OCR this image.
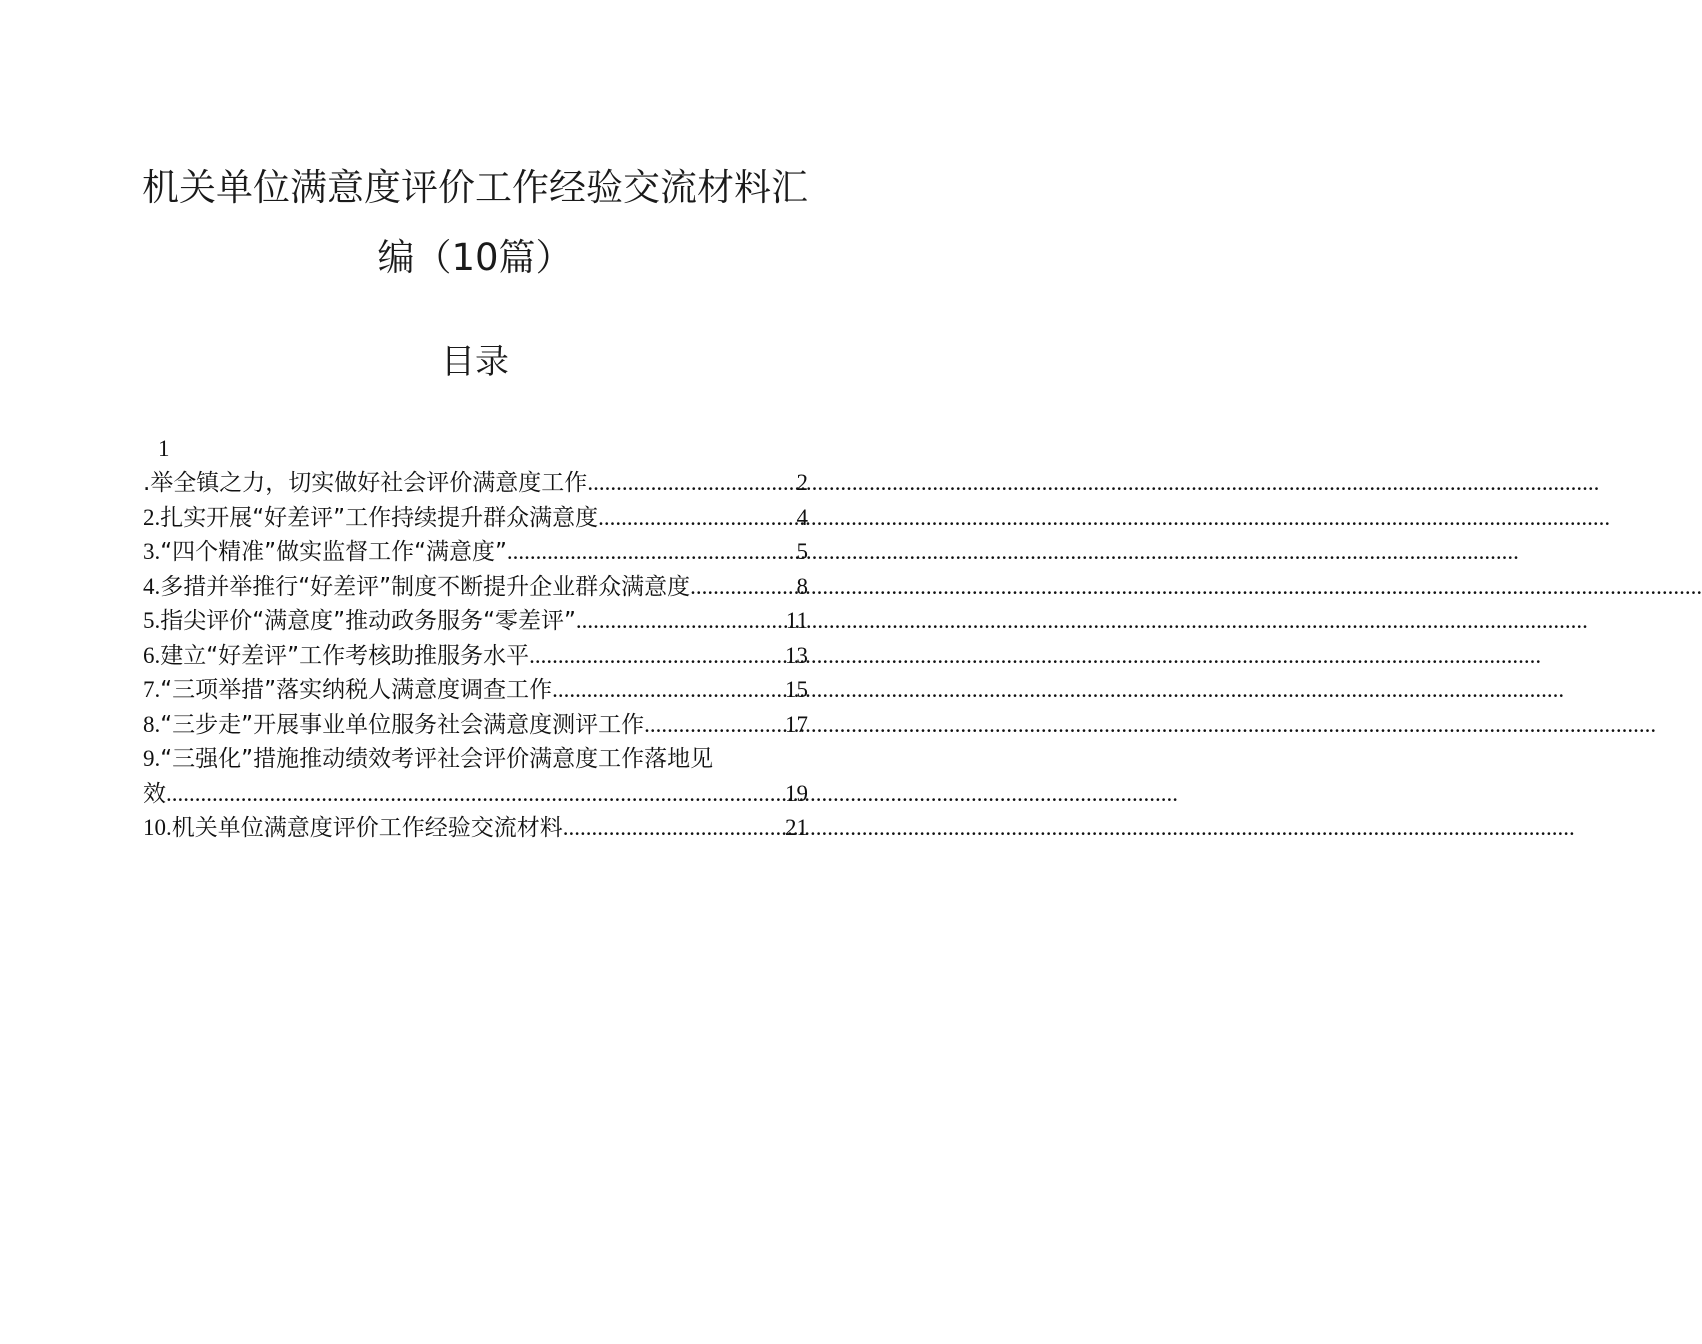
机关单位满意度评价工作经验交流材料汇
编（10篇）
目录
1
.举全镇之力，切实做好社会评价满意度工作 .....	2
2. 扎实开展“好差评”工作持续提升群众满意度 .....	4
3. “四个精准”做实监督工作“满意度” .....	5
4. 多措并举推行“好差评”制度不断提升企业群众满意度 .....	8
5. 指尖评价“满意度”推动政务服务“零差评” .....	11
6. 建立“好差评”工作考核助推服务水平 .....	13
7. “三项举措”落实纳税人满意度调查工作 .....	15
8. “三步走”开展事业单位服务社会满意度测评工作 .....	17
9.“三强化”措施推动绩效考评社会评价满意度工作落地见
效 .....	19
10. 机关单位满意度评价工作经验交流材料 .....	21
